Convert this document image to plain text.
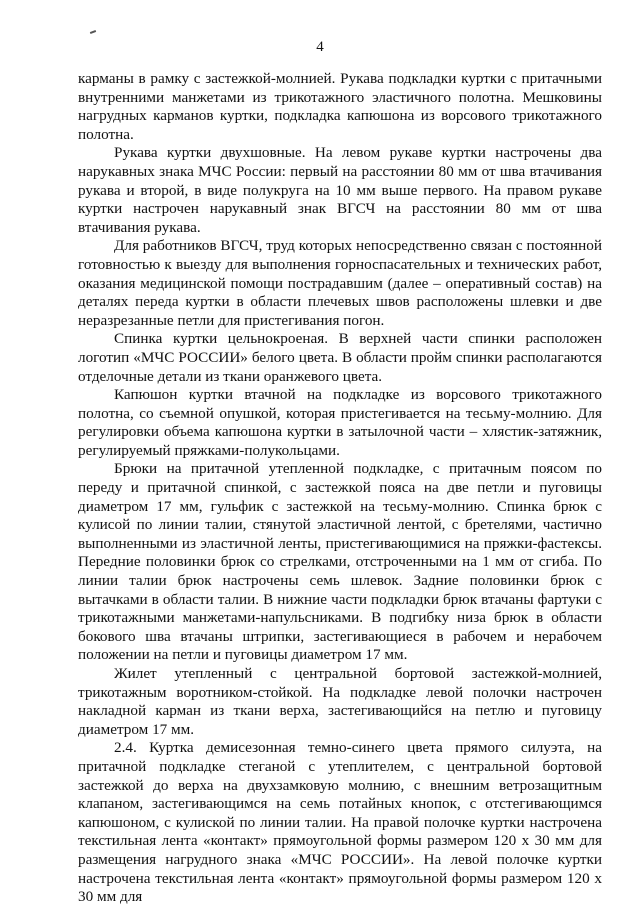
4

карманы в рамку с застежкой-молнией. Рукава подкладки куртки с притачными внутренними манжетами из трикотажного эластичного полотна. Мешковины нагрудных карманов куртки, подкладка капюшона из ворсового трикотажного полотна.

Рукава куртки двухшовные. На левом рукаве куртки настрочены два нарукавных знака МЧС России: первый на расстоянии 80 мм от шва втачивания рукава и второй, в виде полукруга на 10 мм выше первого. На правом рукаве куртки настрочен нарукавный знак ВГСЧ на расстоянии 80 мм от шва втачивания рукава.

Для работников ВГСЧ, труд которых непосредственно связан с постоянной готовностью к выезду для выполнения горноспасательных и технических работ, оказания медицинской помощи пострадавшим (далее – оперативный состав) на деталях переда куртки в области плечевых швов расположены шлевки и две неразрезанные петли для пристегивания погон.

Спинка куртки цельнокроеная. В верхней части спинки расположен логотип «МЧС РОССИИ» белого цвета. В области пройм спинки располагаются отделочные детали из ткани оранжевого цвета.

Капюшон куртки втачной на подкладке из ворсового трикотажного полотна, со съемной опушкой, которая пристегивается на тесьму-молнию. Для регулировки объема капюшона куртки в затылочной части – хлястик-затяжник, регулируемый пряжками-полукольцами.

Брюки на притачной утепленной подкладке, с притачным поясом по переду и притачной спинкой, с застежкой пояса на две петли и пуговицы диаметром 17 мм, гульфик с застежкой на тесьму-молнию. Спинка брюк с кулисой по линии талии, стянутой эластичной лентой, с бретелями, частично выполненными из эластичной ленты, пристегивающимися на пряжки-фастексы. Передние половинки брюк со стрелками, отстроченными на 1 мм от сгиба. По линии талии брюк настрочены семь шлевок. Задние половинки брюк с вытачками в области талии. В нижние части подкладки брюк втачаны фартуки с трикотажными манжетами-напульсниками. В подгибку низа брюк в области бокового шва втачаны штрипки, застегивающиеся в рабочем и нерабочем положении на петли и пуговицы диаметром 17 мм.

Жилет утепленный с центральной бортовой застежкой-молнией, трикотажным воротником-стойкой. На подкладке левой полочки настрочен накладной карман из ткани верха, застегивающийся на петлю и пуговицу диаметром 17 мм.

2.4. Куртка демисезонная темно-синего цвета прямого силуэта, на притачной подкладке стеганой с утеплителем, с центральной бортовой застежкой до верха на двухзамковую молнию, с внешним ветрозащитным клапаном, застегивающимся на семь потайных кнопок, с отстегивающимся капюшоном, с кулиской по линии талии. На правой полочке куртки настрочена текстильная лента «контакт» прямоугольной формы размером 120 x 30 мм для размещения нагрудного знака «МЧС РОССИИ». На левой полочке куртки настрочена текстильная лента «контакт» прямоугольной формы размером 120 x 30 мм для
